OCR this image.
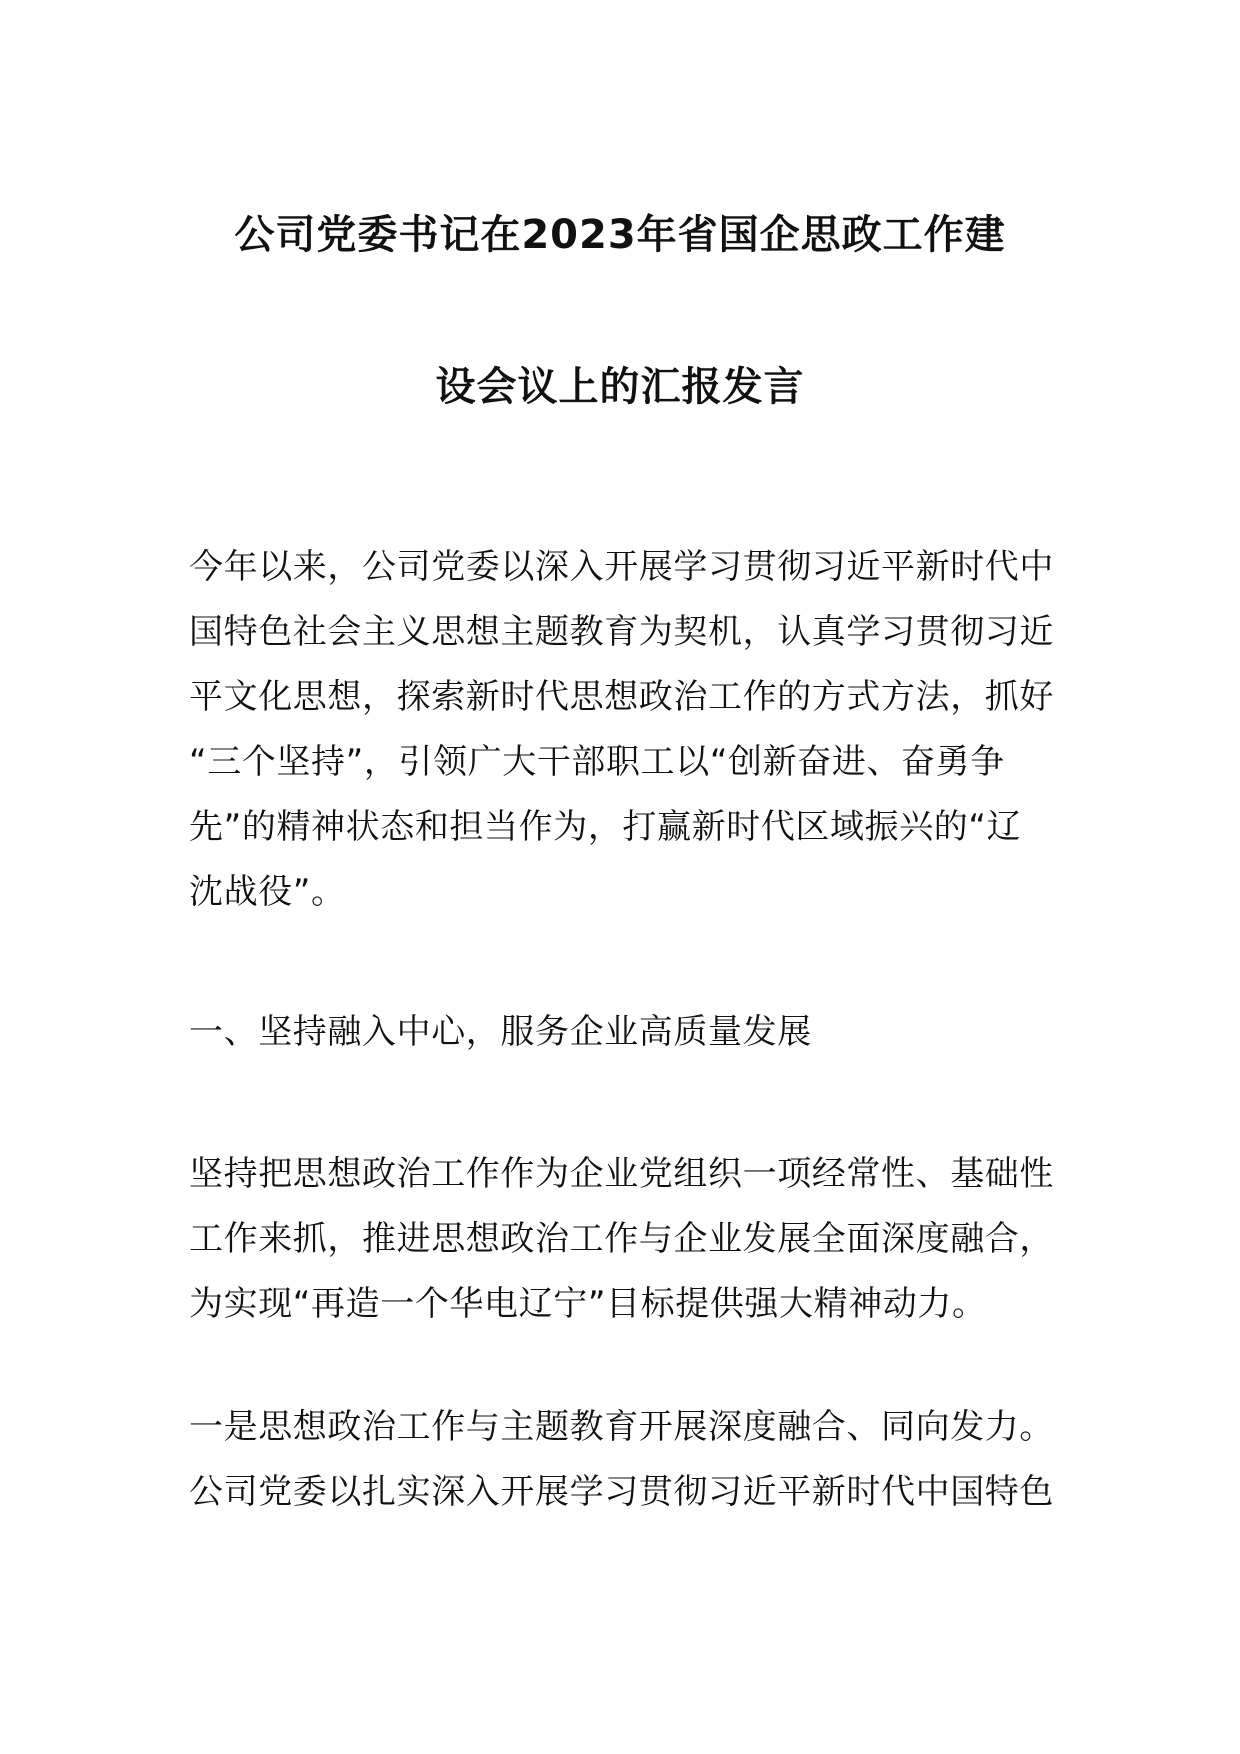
公司党委书记在2023年省国企思政工作建
设会议上的汇报发言

今年以来，公司党委以深入开展学习贯彻习近平新时代中
国特色社会主义思想主题教育为契机，认真学习贯彻习近
平文化思想，探索新时代思想政治工作的方式方法，抓好
“三个坚持”，引领广大干部职工以“创新奋进、奋勇争
先”的精神状态和担当作为，打赢新时代区域振兴的“辽
沈战役”。

一、坚持融入中心，服务企业高质量发展

坚持把思想政治工作作为企业党组织一项经常性、基础性
工作来抓，推进思想政治工作与企业发展全面深度融合，
为实现“再造一个华电辽宁”目标提供强大精神动力。

一是思想政治工作与主题教育开展深度融合、同向发力。
公司党委以扎实深入开展学习贯彻习近平新时代中国特色
